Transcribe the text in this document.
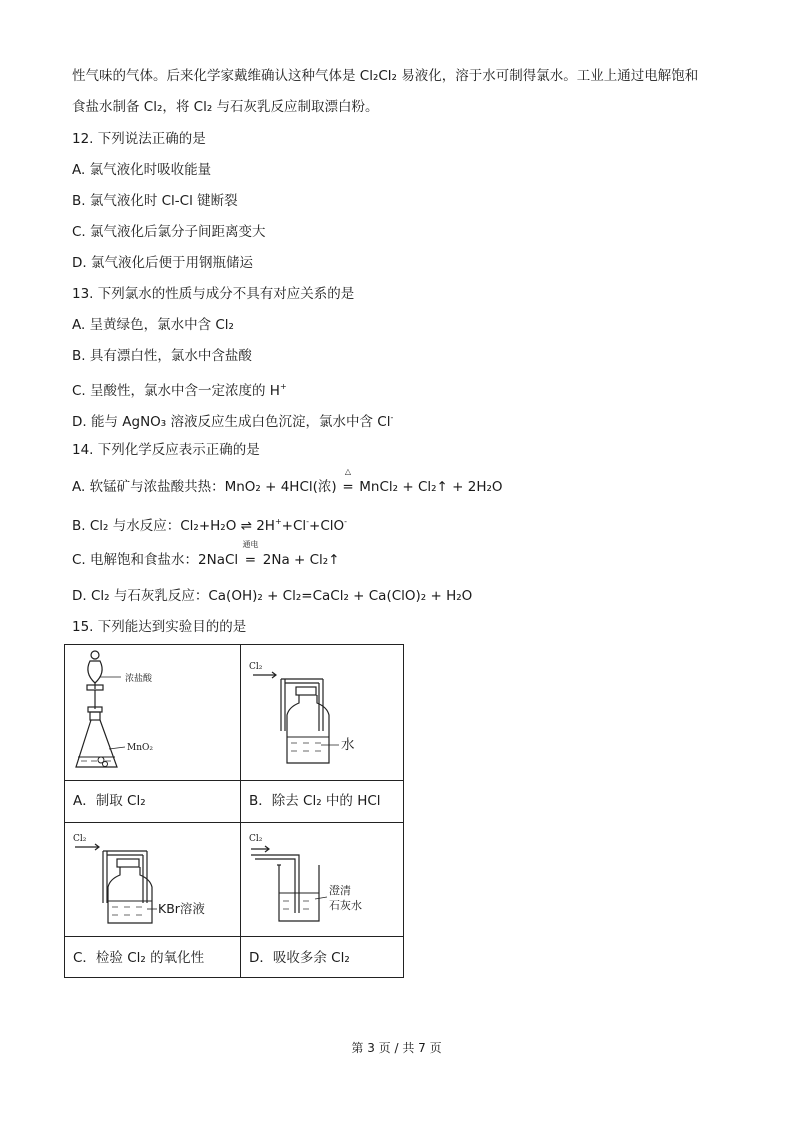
性气味的气体。后来化学家戴维确认这种气体是 Cl₂Cl₂ 易液化，溶于水可制得氯水。工业上通过电解饱和
食盐水制备 Cl₂，将 Cl₂ 与石灰乳反应制取漂白粉。
12. 下列说法正确的是
A. 氯气液化时吸收能量
B. 氯气液化时 Cl-Cl 键断裂
C. 氯气液化后氯分子间距离变大
D. 氯气液化后便于用钢瓶储运
13. 下列氯水的性质与成分不具有对应关系的是
A. 呈黄绿色，氯水中含 Cl₂
B. 具有漂白性，氯水中含盐酸
C. 呈酸性，氯水中含一定浓度的 H+
D. 能与 AgNO₃ 溶液反应生成白色沉淀，氯水中含 Cl-
14. 下列化学反应表示正确的是
A. 软锰矿与浓盐酸共热：MnO₂ + 4HCl(浓)
△
= MnCl₂ + Cl₂↑ + 2H₂O
B. Cl₂ 与水反应：Cl₂+H₂O ⇌ 2H++Cl-+ClO-
C. 电解饱和食盐水：2NaCl
通电
= 2Na + Cl₂↑
D. Cl₂ 与石灰乳反应：Ca(OH)₂ + Cl₂=CaCl₂ + Ca(ClO)₂ + H₂O
15. 下列能达到实验目的的是
浓盐酸
MnO₂
Cl₂
水
A．制取 Cl₂	B．除去 Cl₂ 中的 HCl
Cl₂
KBr溶液
Cl₂
澄清
石灰水
C．检验 Cl₂ 的氧化性	D．吸收多余 Cl₂
第 3 页 / 共 7 页
